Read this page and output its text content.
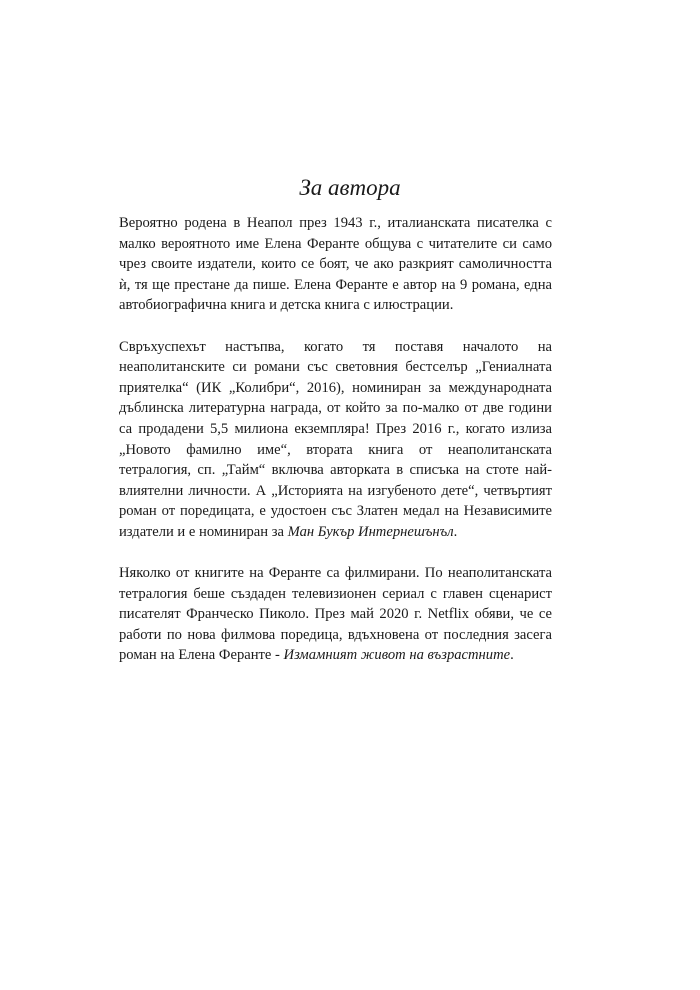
За автора

Вероятно родена в Неапол през 1943 г., италианската писателка с малко вероятното име Елена Феранте общува с читателите си само чрез своите издатели, които се боят, че ако разкрият самоличността ѝ, тя ще престане да пише. Елена Феранте е автор на 9 романа, една автобиографична книга и детска книга с илюстрации.

Свръхуспехът настъпва, когато тя поставя началото на неаполитанските си романи със световния бестселър „Гениалната приятелка“ (ИК „Колибри“, 2016), номиниран за международната дъблинска литературна награда, от който за по-малко от две години са продадени 5,5 милиона екземпляра! През 2016 г., когато излиза „Новото фамилно име“, втората книга от неаполитанската тетралогия, сп. „Тайм“ включва авторката в списъка на стоте най-влиятелни личности. А „Историята на изгубеното дете“, четвъртият роман от поредицата, е удостоен със Златен медал на Независимите издатели и е номиниран за Ман Букър Интернешънъл.

Няколко от книгите на Феранте са филмирани. По неаполитанската тетралогия беше създаден телевизионен сериал с главен сценарист писателят Франческо Пиколо. През май 2020 г. Netflix обяви, че се работи по нова филмова поредица, вдъхновена от последния засега роман на Елена Феранте - Измамният живот на възрастните.
